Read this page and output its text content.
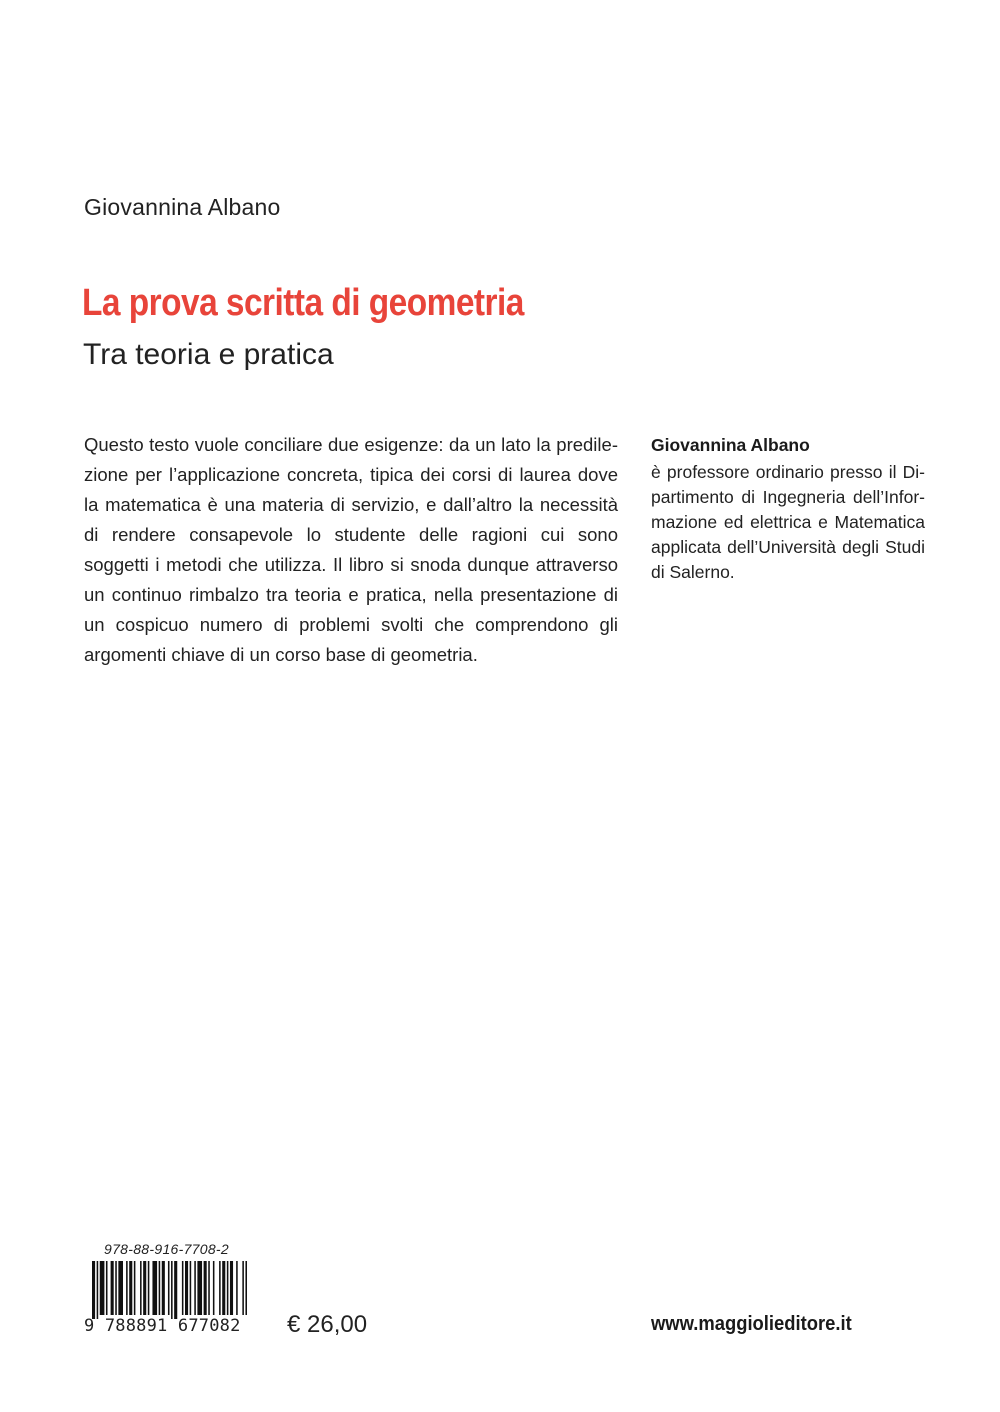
Giovannina Albano
La prova scritta di geometria
Tra teoria e pratica
Questo testo vuole conciliare due esigenze: da un lato la predilezione per l’applicazione concreta, tipica dei corsi di laurea dove la matematica è una materia di servizio, e dall’altro la necessità di rendere consapevole lo studente delle ragioni cui sono soggetti i metodi che utilizza. Il libro si snoda dunque attraverso un continuo rimbalzo tra teoria e pratica, nella presentazione di un cospicuo numero di problemi svolti che comprendono gli argomenti chiave di un corso base di geometria.
Giovannina Albano
è professore ordinario presso il Dipartimento di Ingegneria dell’Informazione ed elettrica e Matematica applicata dell’Università degli Studi di Salerno.
978-88-916-7708-2
9 788891 677082 € 26,00	www.maggiolieditore.it
